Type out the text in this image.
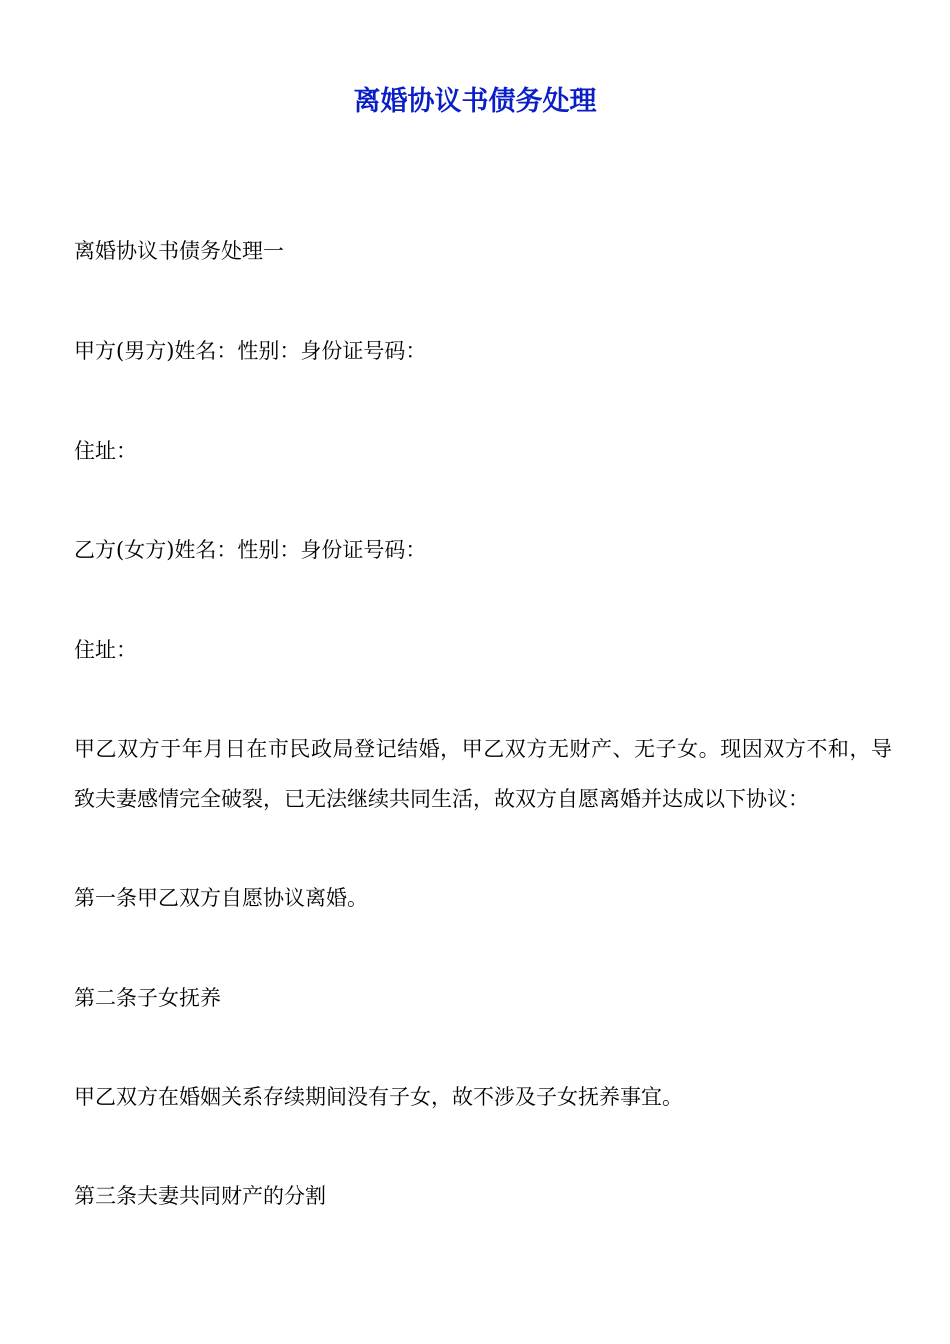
离婚协议书债务处理

离婚协议书债务处理一

甲方(男方)姓名：性别：身份证号码：

住址：

乙方(女方)姓名：性别：身份证号码：

住址：

甲乙双方于年月日在市民政局登记结婚，甲乙双方无财产、无子女。现因双方不和，导致夫妻感情完全破裂，已无法继续共同生活，故双方自愿离婚并达成以下协议：

第一条甲乙双方自愿协议离婚。

第二条子女抚养

甲乙双方在婚姻关系存续期间没有子女，故不涉及子女抚养事宜。

第三条夫妻共同财产的分割
